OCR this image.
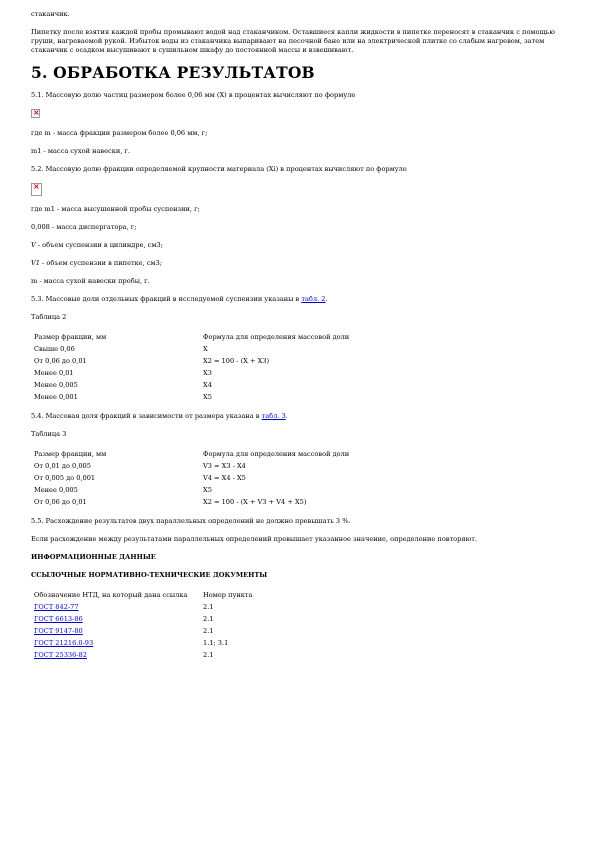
стаканчик.

Пипетку после взятия каждой пробы промывают водой над стаканчиком. Оставшиеся капли жидкости в пипетке переносят в стаканчик с помощью груши, нагреваемой рукой. Избыток воды из стаканчика выпаривают на песочной бане или на электрической плитке со слабым нагревом, затем стаканчик с осадком высушивают в сушильном шкафу до постоянной массы и взвешивают.

5. ОБРАБОТКА РЕЗУЛЬТАТОВ

5.1. Массовую долю частиц размером более 0,06 мм (X) в процентах вычисляют по формуле

×

где m - масса фракции размером более 0,06 мм, г;

m1 - масса сухой навески, г.

5.2. Массовую долю фракции определяемой крупности материала (Xi) в процентах вычисляют по формуле

×

где m1 - масса высушенной пробы суспензии, г;

0,008 - масса диспергатора, г;

V - объем суспензии в цилиндре, см3;

V1 - объем суспензии в пипетке, см3;

m - масса сухой навески пробы, г.

5.3. Массовые доли отдельных фракций в исследуемой суспензии указаны в табл. 2.

Таблица 2

Размер фракции, мм	Формула для определения массовой доли
Свыше 0,06	X
От 0,06 до 0,01	X2 = 100 - (X + X3)
Менее 0,01	X3
Менее 0,005	X4
Менее 0,001	X5

5.4. Массовая доля фракций в зависимости от размера указана в табл. 3.

Таблица 3

Размер фракции, мм	Формула для определения массовой доли
От 0,01 до 0,005	V3 = X3 - X4
От 0,005 до 0,001	V4 = X4 - X5
Менее 0,005	X5
От 0,06 до 0,01	X2 = 100 - (X + V3 + V4 + X5)

5.5. Расхождение результатов двух параллельных определений не должно превышать 3 %.

Если расхождение между результатами параллельных определений превышает указанное значение, определение повторяют.

ИНФОРМАЦИОННЫЕ ДАННЫЕ

ССЫЛОЧНЫЕ НОРМАТИВНО-ТЕХНИЧЕСКИЕ ДОКУМЕНТЫ

Обозначение НТД, на который дана ссылка	Номер пункта
ГОСТ 842-77	2.1
ГОСТ 6613-86	2.1
ГОСТ 9147-80	2.1
ГОСТ 21216.0-93	1.1; 3.1
ГОСТ 25336-82	2.1
